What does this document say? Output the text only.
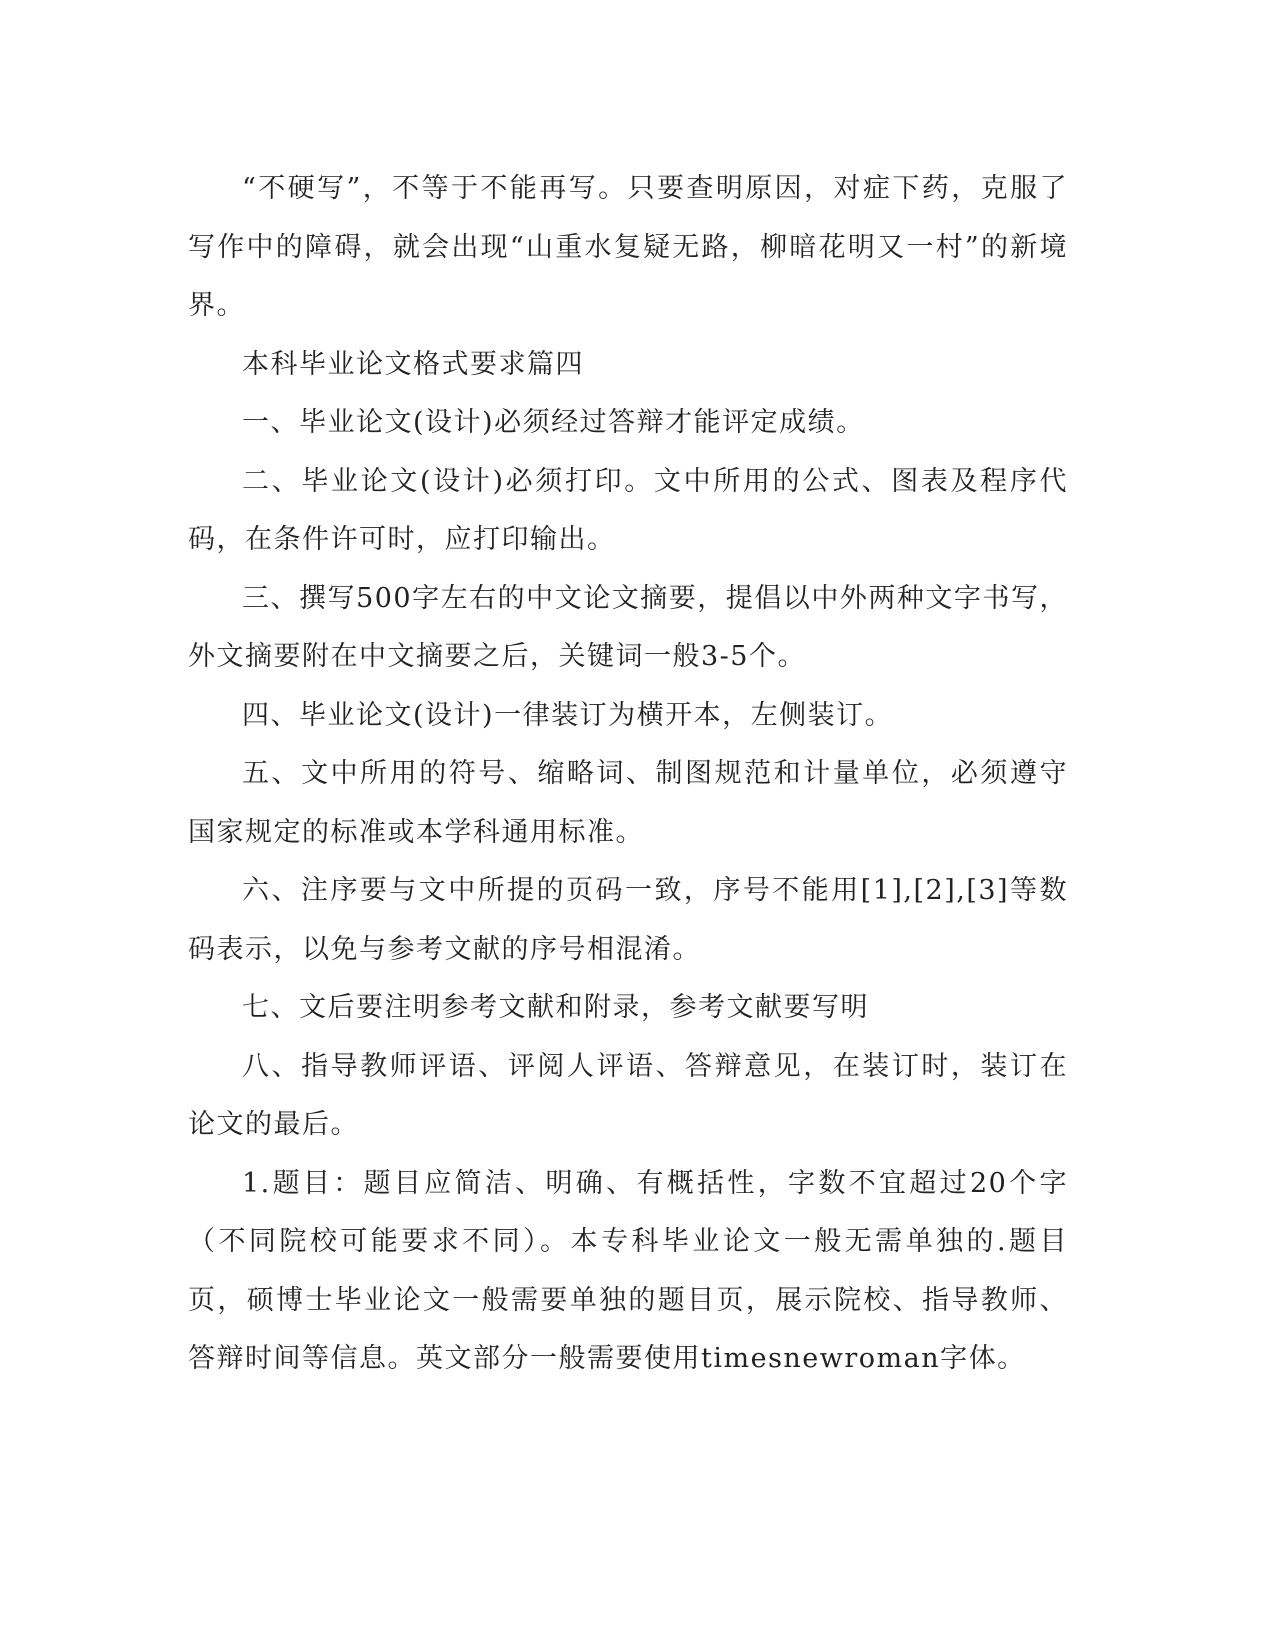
“不硬写”，不等于不能再写。只要查明原因，对症下药，克服了写作中的障碍，就会出现“山重水复疑无路，柳暗花明又一村”的新境界。

本科毕业论文格式要求篇四

一、毕业论文(设计)必须经过答辩才能评定成绩。

二、毕业论文(设计)必须打印。文中所用的公式、图表及程序代码，在条件许可时，应打印输出。

三、撰写500字左右的中文论文摘要，提倡以中外两种文字书写，外文摘要附在中文摘要之后，关键词一般3-5个。

四、毕业论文(设计)一律装订为横开本，左侧装订。

五、文中所用的符号、缩略词、制图规范和计量单位，必须遵守国家规定的标准或本学科通用标准。

六、注序要与文中所提的页码一致，序号不能用[1],[2],[3]等数码表示，以免与参考文献的序号相混淆。

七、文后要注明参考文献和附录，参考文献要写明

八、指导教师评语、评阅人评语、答辩意见，在装订时，装订在论文的最后。

1.题目：题目应简洁、明确、有概括性，字数不宜超过20个字（不同院校可能要求不同）。本专科毕业论文一般无需单独的.题目页，硕博士毕业论文一般需要单独的题目页，展示院校、指导教师、答辩时间等信息。英文部分一般需要使用timesnewroman字体。
